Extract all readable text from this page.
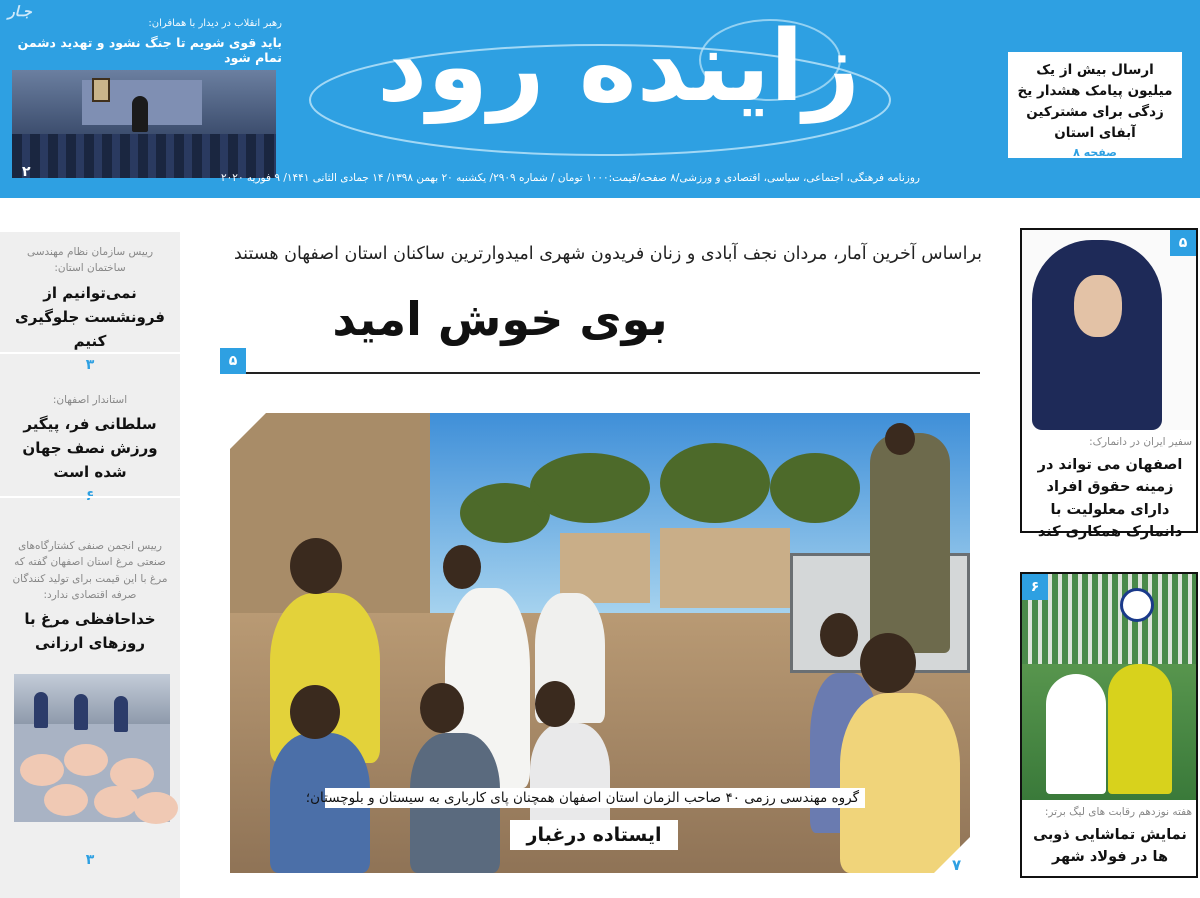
جـار
رهبر انقلاب در دیدار با همافران:
باید قوی شویم تا جنگ نشود و تهدید دشمن تمام شود
۲
زاینده رود
روزنامه فرهنگی، اجتماعی، سیاسی، اقتصادی و ورزشی/۸ صفحه/قیمت:۱۰۰۰ تومان / شماره ۲۹۰۹/ یکشنبه ۲۰ بهمن ۱۳۹۸/ ۱۴ جمادی الثانی ۱۴۴۱/ ۹ فوریه ۲۰۲۰
ارسال بیش از یک میلیون پیامک هشدار یخ زدگی برای مشترکین آبفای استان
صفحه ۸
رییس سازمان نظام مهندسی ساختمان استان:
نمی‌توانیم از فرونشست جلوگیری کنیم
۳
استاندار اصفهان:
سلطانی فر، پیگیر ورزش نصف جهان شده است
رییس انجمن صنفی کشتارگاه‌های صنعتی مرغ استان اصفهان گفته که مرغ با این قیمت برای تولید کنندگان صرفه اقتصادی ندارد:
خداحافظی مرغ با روزهای ارزانی
۳
براساس آخرین آمار، مردان نجف آبادی و زنان فریدون شهری امیدوارترین ساکنان استان اصفهان هستند
بوی خوش امید
۵
گروه مهندسی رزمی ۴۰ صاحب الزمان استان اصفهان همچنان پای کارباری به سیستان و بلوچستان؛
ایستاده درغبار
۷
۵
سفیر ایران در دانمارک:
اصفهان می تواند در زمینه حقوق افراد دارای معلولیت با دانمارک همکاری کند
۶
هفته نوزدهم رقابت های لیگ برتر:
نمایش تماشایی ذوبی ها در فولاد شهر
